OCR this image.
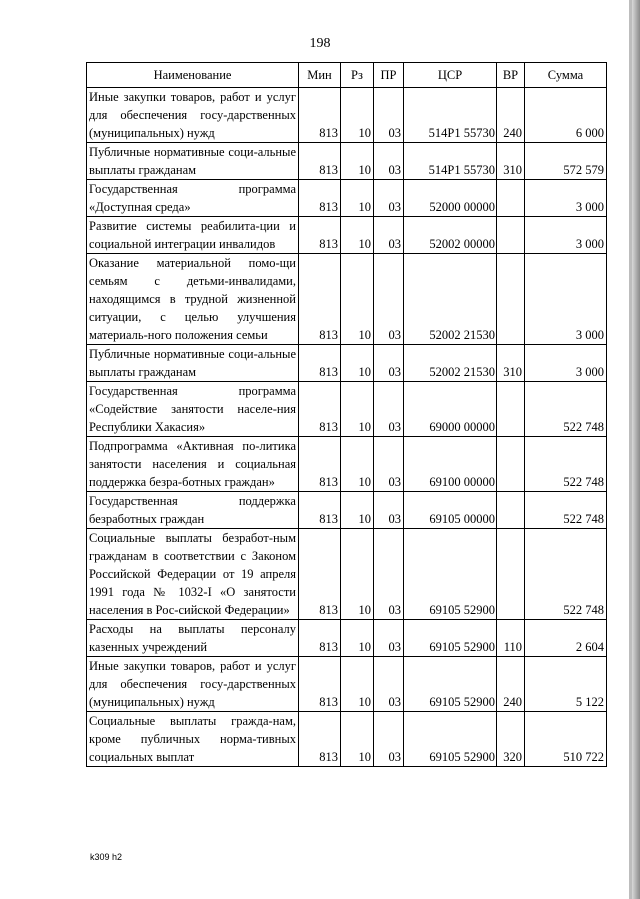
198
Наименование	Мин	Рз	ПР	ЦСР	ВР	Сумма
Иные закупки товаров, работ и услуг для обеспечения госу-дарственных (муниципальных) нужд	813	10	03	514P1 55730	240	6 000
Публичные нормативные соци-альные выплаты гражданам	813	10	03	514P1 55730	310	572 579
Государственная программа «Доступная среда»	813	10	03	52000 00000		3 000
Развитие системы реабилита-ции и социальной интеграции инвалидов	813	10	03	52002 00000		3 000
Оказание материальной помо-щи семьям с детьми-инвалидами, находящимся в трудной жизненной ситуации, с целью улучшения материаль-ного положения семьи	813	10	03	52002 21530		3 000
Публичные нормативные соци-альные выплаты гражданам	813	10	03	52002 21530	310	3 000
Государственная программа «Содействие занятости населе-ния Республики Хакасия»	813	10	03	69000 00000		522 748
Подпрограмма «Активная по-литика занятости населения и социальная поддержка безра-ботных граждан»	813	10	03	69100 00000		522 748
Государственная поддержка безработных граждан	813	10	03	69105 00000		522 748
Социальные выплаты безработ-ным гражданам в соответствии с Законом Российской Федерации от 19 апреля 1991 года № 1032-I «О занятости населения в Рос-сийской Федерации»	813	10	03	69105 52900		522 748
Расходы на выплаты персоналу казенных учреждений	813	10	03	69105 52900	110	2 604
Иные закупки товаров, работ и услуг для обеспечения госу-дарственных (муниципальных) нужд	813	10	03	69105 52900	240	5 122
Социальные выплаты гражда-нам, кроме публичных норма-тивных социальных выплат	813	10	03	69105 52900	320	510 722
k309 h2
